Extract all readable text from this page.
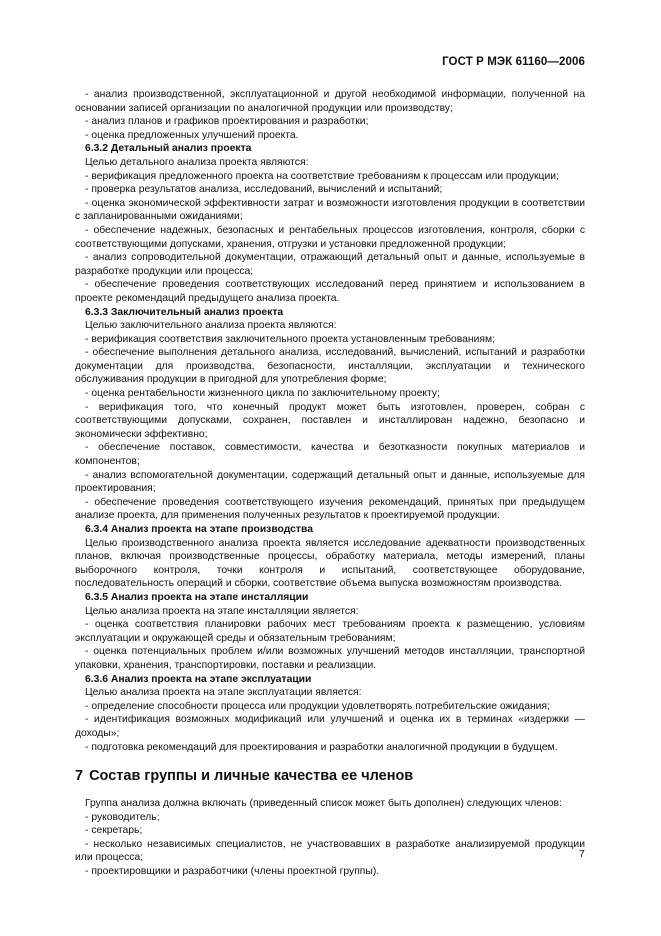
ГОСТ Р МЭК 61160—2006

- анализ производственной, эксплуатационной и другой необходимой информации, полученной на основании записей организации по аналогичной продукции или производству;

- анализ планов и графиков проектирования и разработки;

- оценка предложенных улучшений проекта.

6.3.2 Детальный анализ проекта

Целью детального анализа проекта являются:

- верификация предложенного проекта на соответствие требованиям к процессам или продукции;

- проверка результатов анализа, исследований, вычислений и испытаний;

- оценка экономической эффективности затрат и возможности изготовления продукции в соответствии с запланированными ожиданиями;

- обеспечение надежных, безопасных и рентабельных процессов изготовления, контроля, сборки с соответствующими допусками, хранения, отгрузки и установки предложенной продукции;

- анализ сопроводительной документации, отражающий детальный опыт и данные, используемые в разработке продукции или процесса;

- обеспечение проведения соответствующих исследований перед принятием и использованием в проекте рекомендаций предыдущего анализа проекта.

6.3.3 Заключительный анализ проекта

Целью заключительного анализа проекта являются:

- верификация соответствия заключительного проекта установленным требованиям;

- обеспечение выполнения детального анализа, исследований, вычислений, испытаний и разработки документации для производства, безопасности, инсталляции, эксплуатации и технического обслуживания продукции в пригодной для употребления форме;

- оценка рентабельности жизненного цикла по заключительному проекту;

- верификация того, что конечный продукт может быть изготовлен, проверен, собран с соответствующими допусками, сохранен, поставлен и инсталлирован надежно, безопасно и экономически эффективно;

- обеспечение поставок, совместимости, качества и безотказности покупных материалов и компонентов;

- анализ вспомогательной документации, содержащий детальный опыт и данные, используемые для проектирования;

- обеспечение проведения соответствующего изучения рекомендаций, принятых при предыдущем анализе проекта, для применения полученных результатов к проектируемой продукции.

6.3.4 Анализ проекта на этапе производства

Целью производственного анализа проекта является исследование адекватности производственных планов, включая производственные процессы, обработку материала, методы измерений, планы выборочного контроля, точки контроля и испытаний, соответствующее оборудование, последовательность операций и сборки, соответствие объема выпуска возможностям производства.

6.3.5 Анализ проекта на этапе инсталляции

Целью анализа проекта на этапе инсталляции является:

- оценка соответствия планировки рабочих мест требованиям проекта к размещению, условиям эксплуатации и окружающей среды и обязательным требованиям;

- оценка потенциальных проблем и/или возможных улучшений методов инсталляции, транспортной упаковки, хранения, транспортировки, поставки и реализации.

6.3.6 Анализ проекта на этапе эксплуатации

Целью анализа проекта на этапе эксплуатации является:

- определение способности процесса или продукции удовлетворять потребительские ожидания;

- идентификация возможных модификаций или улучшений и оценка их в терминах «издержки — доходы»;

- подготовка рекомендаций для проектирования и разработки аналогичной продукции в будущем.

7 Состав группы и личные качества ее членов

Группа анализа должна включать (приведенный список может быть дополнен) следующих членов:

- руководитель;

- секретарь;

- несколько независимых специалистов, не участвовавших в разработке анализируемой продукции или процесса;

- проектировщики и разработчики (члены проектной группы).

7
